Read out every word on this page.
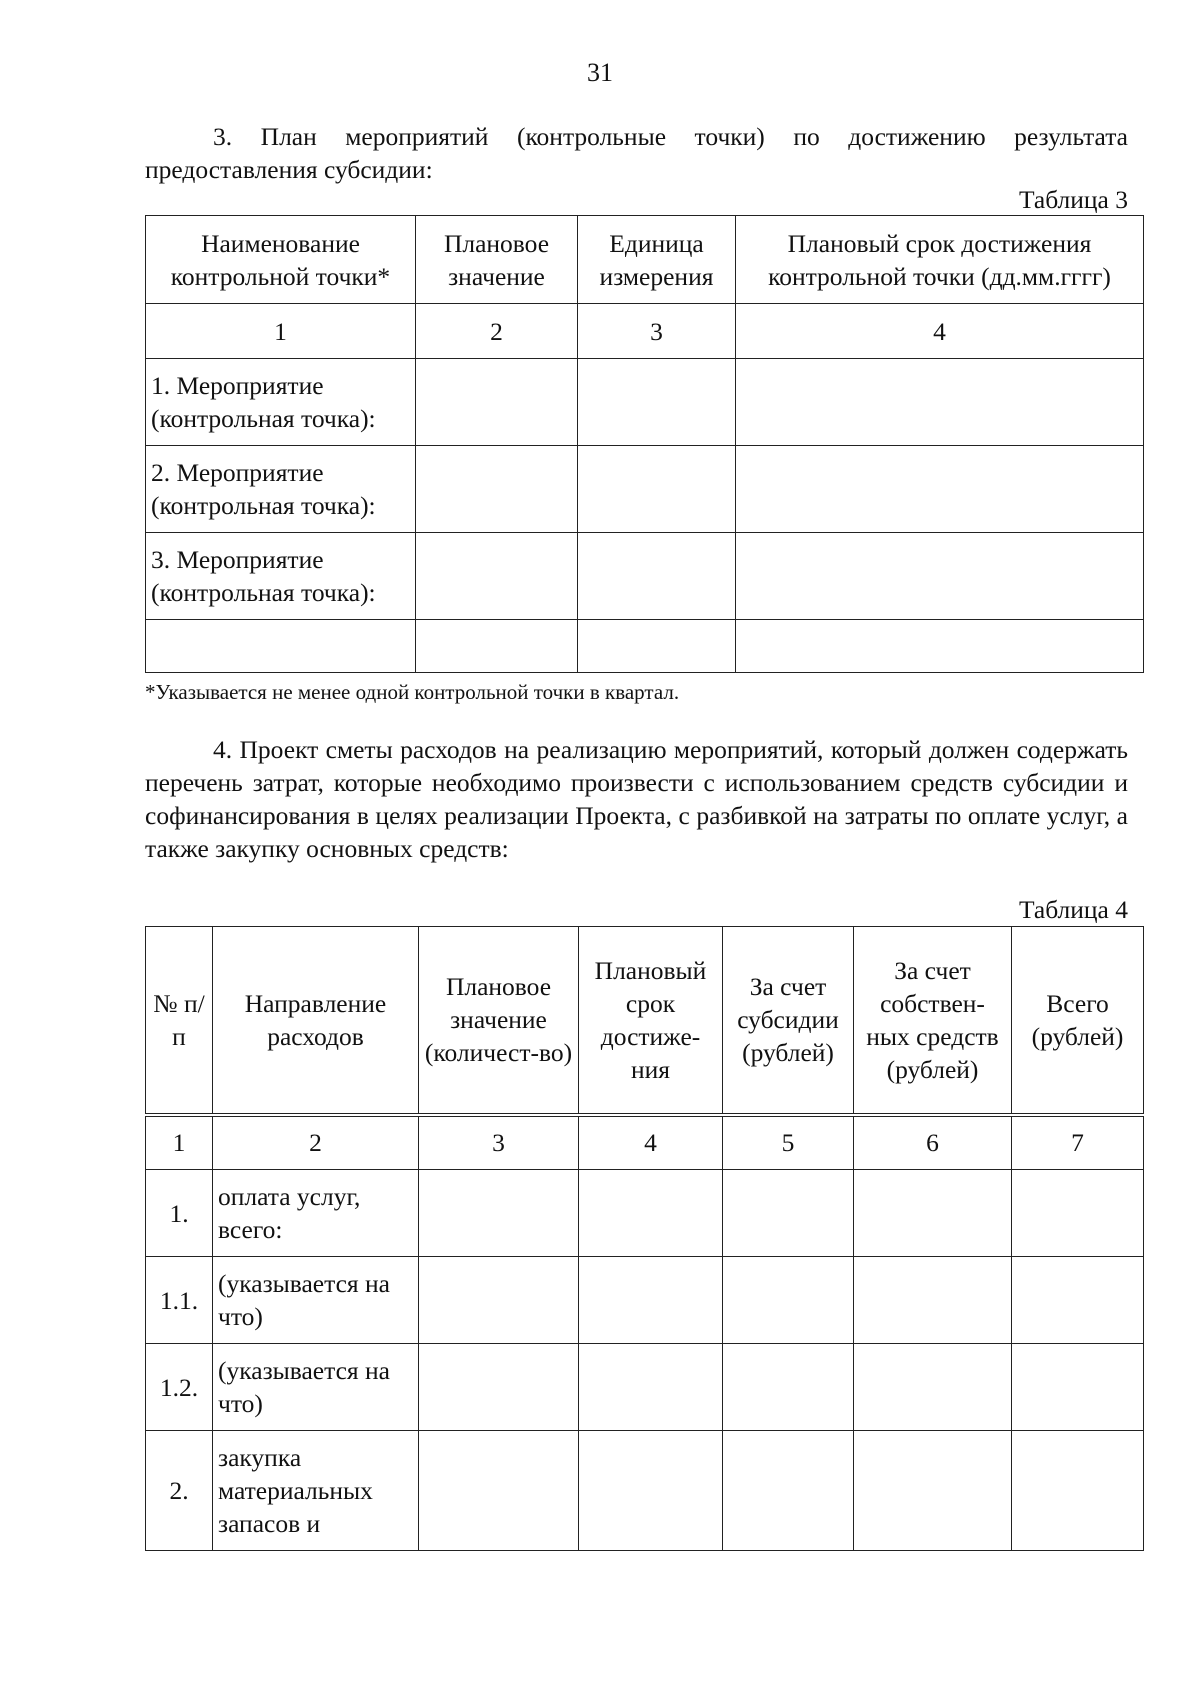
31

3. План мероприятий (контрольные точки) по достижению результата предоставления субсидии:

Таблица 3
Наименование контрольной точки*	Плановое значение	Единица измерения	Плановый срок достижения контрольной точки (дд.мм.гггг)
1	2	3	4
1. Мероприятие (контрольная точка):			
2. Мероприятие (контрольная точка):			
3. Мероприятие (контрольная точка):			

*Указывается не менее одной контрольной точки в квартал.

4. Проект сметы расходов на реализацию мероприятий, который должен содержать перечень затрат, которые необходимо произвести с использованием средств субсидии и софинансирования в целях реализации Проекта, с разбивкой на затраты по оплате услуг, а также закупку основных средств:

Таблица 4
№ п/п	Направление расходов	Плановое значение (количест-во)	Плановый срок достиже-ния	За счет субсидии (рублей)	За счет собствен-ных средств (рублей)	Всего (рублей)
1	2	3	4	5	6	7
1.	оплата услуг, всего:					
1.1.	(указывается на что)					
1.2.	(указывается на что)					
2.	закупка материальных запасов и					
